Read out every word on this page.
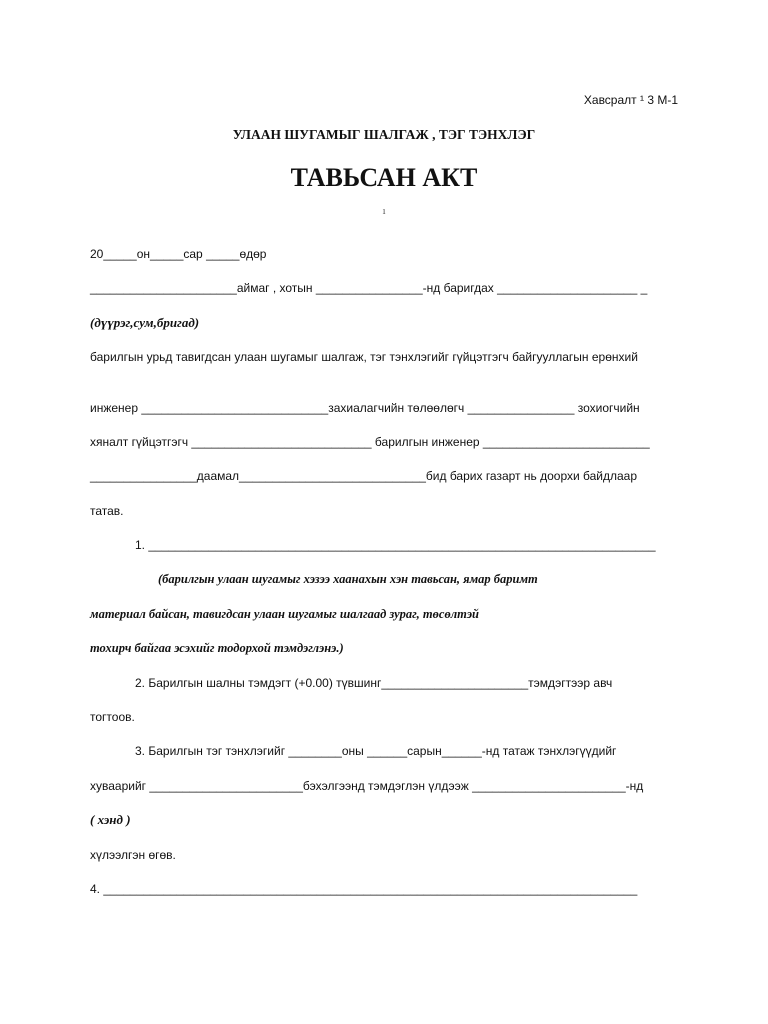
Хавсралт ¹ 3 М-1
УЛААН ШУГАМЫГ ШАЛГАЖ , ТЭГ ТЭНХЛЭГ
ТАВЬСАН АКТ
1
20_____он_____сар _____өдөр
______________________аймаг , хотын ________________-нд баригдах _____________________ _
(дүүрэг,сум,бригад)
барилгын урьд тавигдсан улаан шугамыг шалгаж, тэг тэнхлэгийг гүйцэтгэгч байгууллагын ерөнхий
инженер ____________________________захиалагчийн төлөөлөгч ________________ зохиогчийн
хяналт гүйцэтгэгч ___________________________ барилгын инженер _________________________
________________даамал____________________________бид барих газарт нь доорхи байдлаар
татав.
1. ____________________________________________________________________________
(барилгын улаан шугамыг хэзээ хаанахын хэн тавьсан, ямар баримт
материал байсан, тавигдсан улаан шугамыг шалгаад зураг, төсөлтэй
тохирч байгаа эсэхийг тодорхой тэмдэглэнэ.)
2. Барилгын шалны тэмдэгт (+0.00) түвшинг______________________тэмдэгтээр авч
тогтоов.
3. Барилгын тэг тэнхлэгийг ________оны ______сарын______-нд татаж тэнхлэгүүдийг
хуваарийг _______________________бэхэлгээнд тэмдэглэн үлдээж _______________________-нд
( хэнд )
хүлээлгэн өгөв.
4. ________________________________________________________________________________
